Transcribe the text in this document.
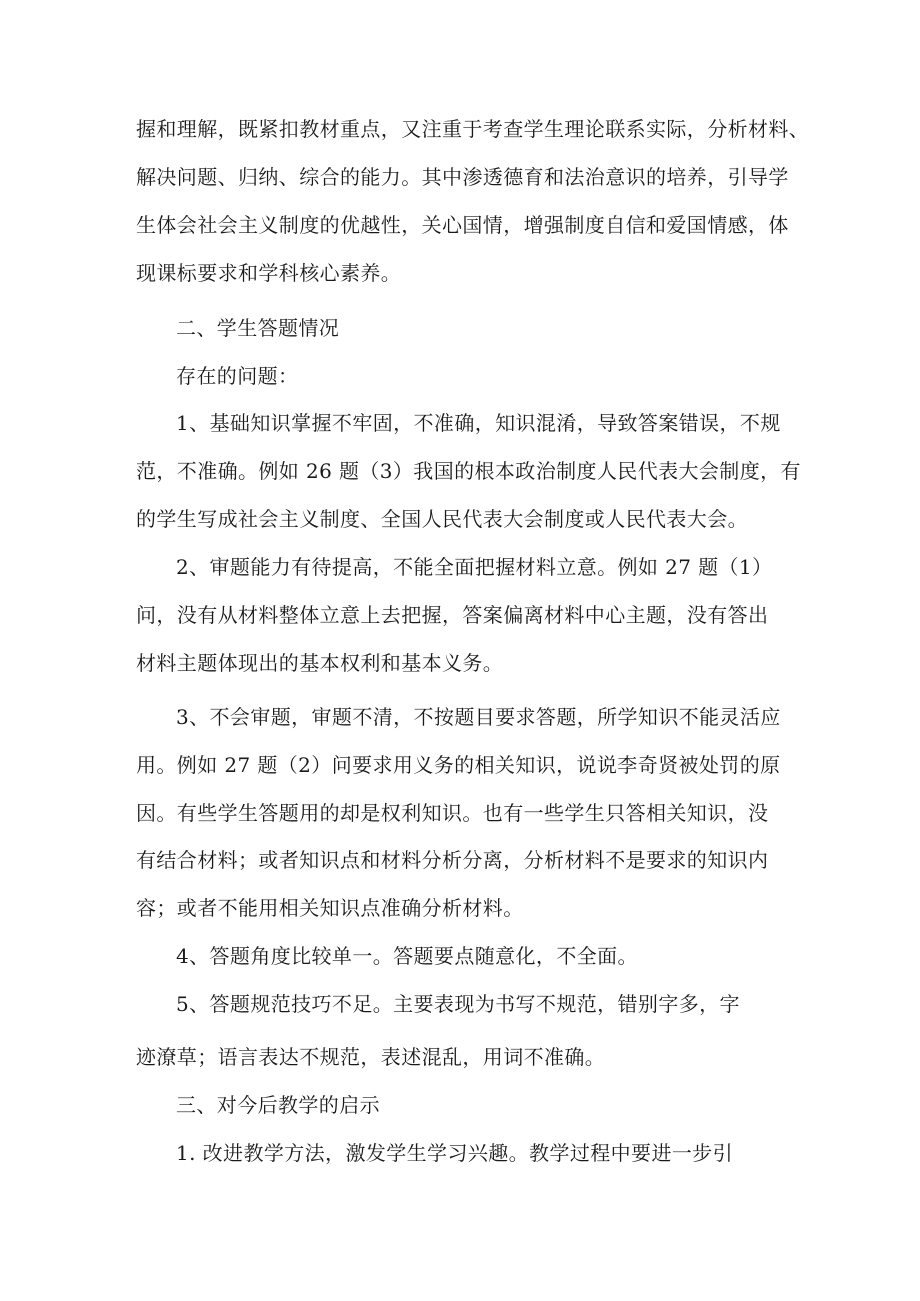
握和理解，既紧扣教材重点，又注重于考查学生理论联系实际，分析材料、
解决问题、归纳、综合的能力。其中渗透德育和法治意识的培养，引导学
生体会社会主义制度的优越性，关心国情，增强制度自信和爱国情感，体
现课标要求和学科核心素养。
二、学生答题情况
存在的问题：
1、基础知识掌握不牢固，不准确，知识混淆，导致答案错误，不规
范，不准确。例如 26 题（3）我国的根本政治制度人民代表大会制度，有
的学生写成社会主义制度、全国人民代表大会制度或人民代表大会。
2、审题能力有待提高，不能全面把握材料立意。例如 27 题（1）
问，没有从材料整体立意上去把握，答案偏离材料中心主题，没有答出
材料主题体现出的基本权利和基本义务。
3、不会审题，审题不清，不按题目要求答题，所学知识不能灵活应
用。例如 27 题（2）问要求用义务的相关知识，说说李奇贤被处罚的原
因。有些学生答题用的却是权利知识。也有一些学生只答相关知识，没
有结合材料；或者知识点和材料分析分离，分析材料不是要求的知识内
容；或者不能用相关知识点准确分析材料。
4、答题角度比较单一。答题要点随意化，不全面。
5、答题规范技巧不足。主要表现为书写不规范，错别字多，字
迹潦草；语言表达不规范，表述混乱，用词不准确。
三、对今后教学的启示
1. 改进教学方法，激发学生学习兴趣。教学过程中要进一步引
